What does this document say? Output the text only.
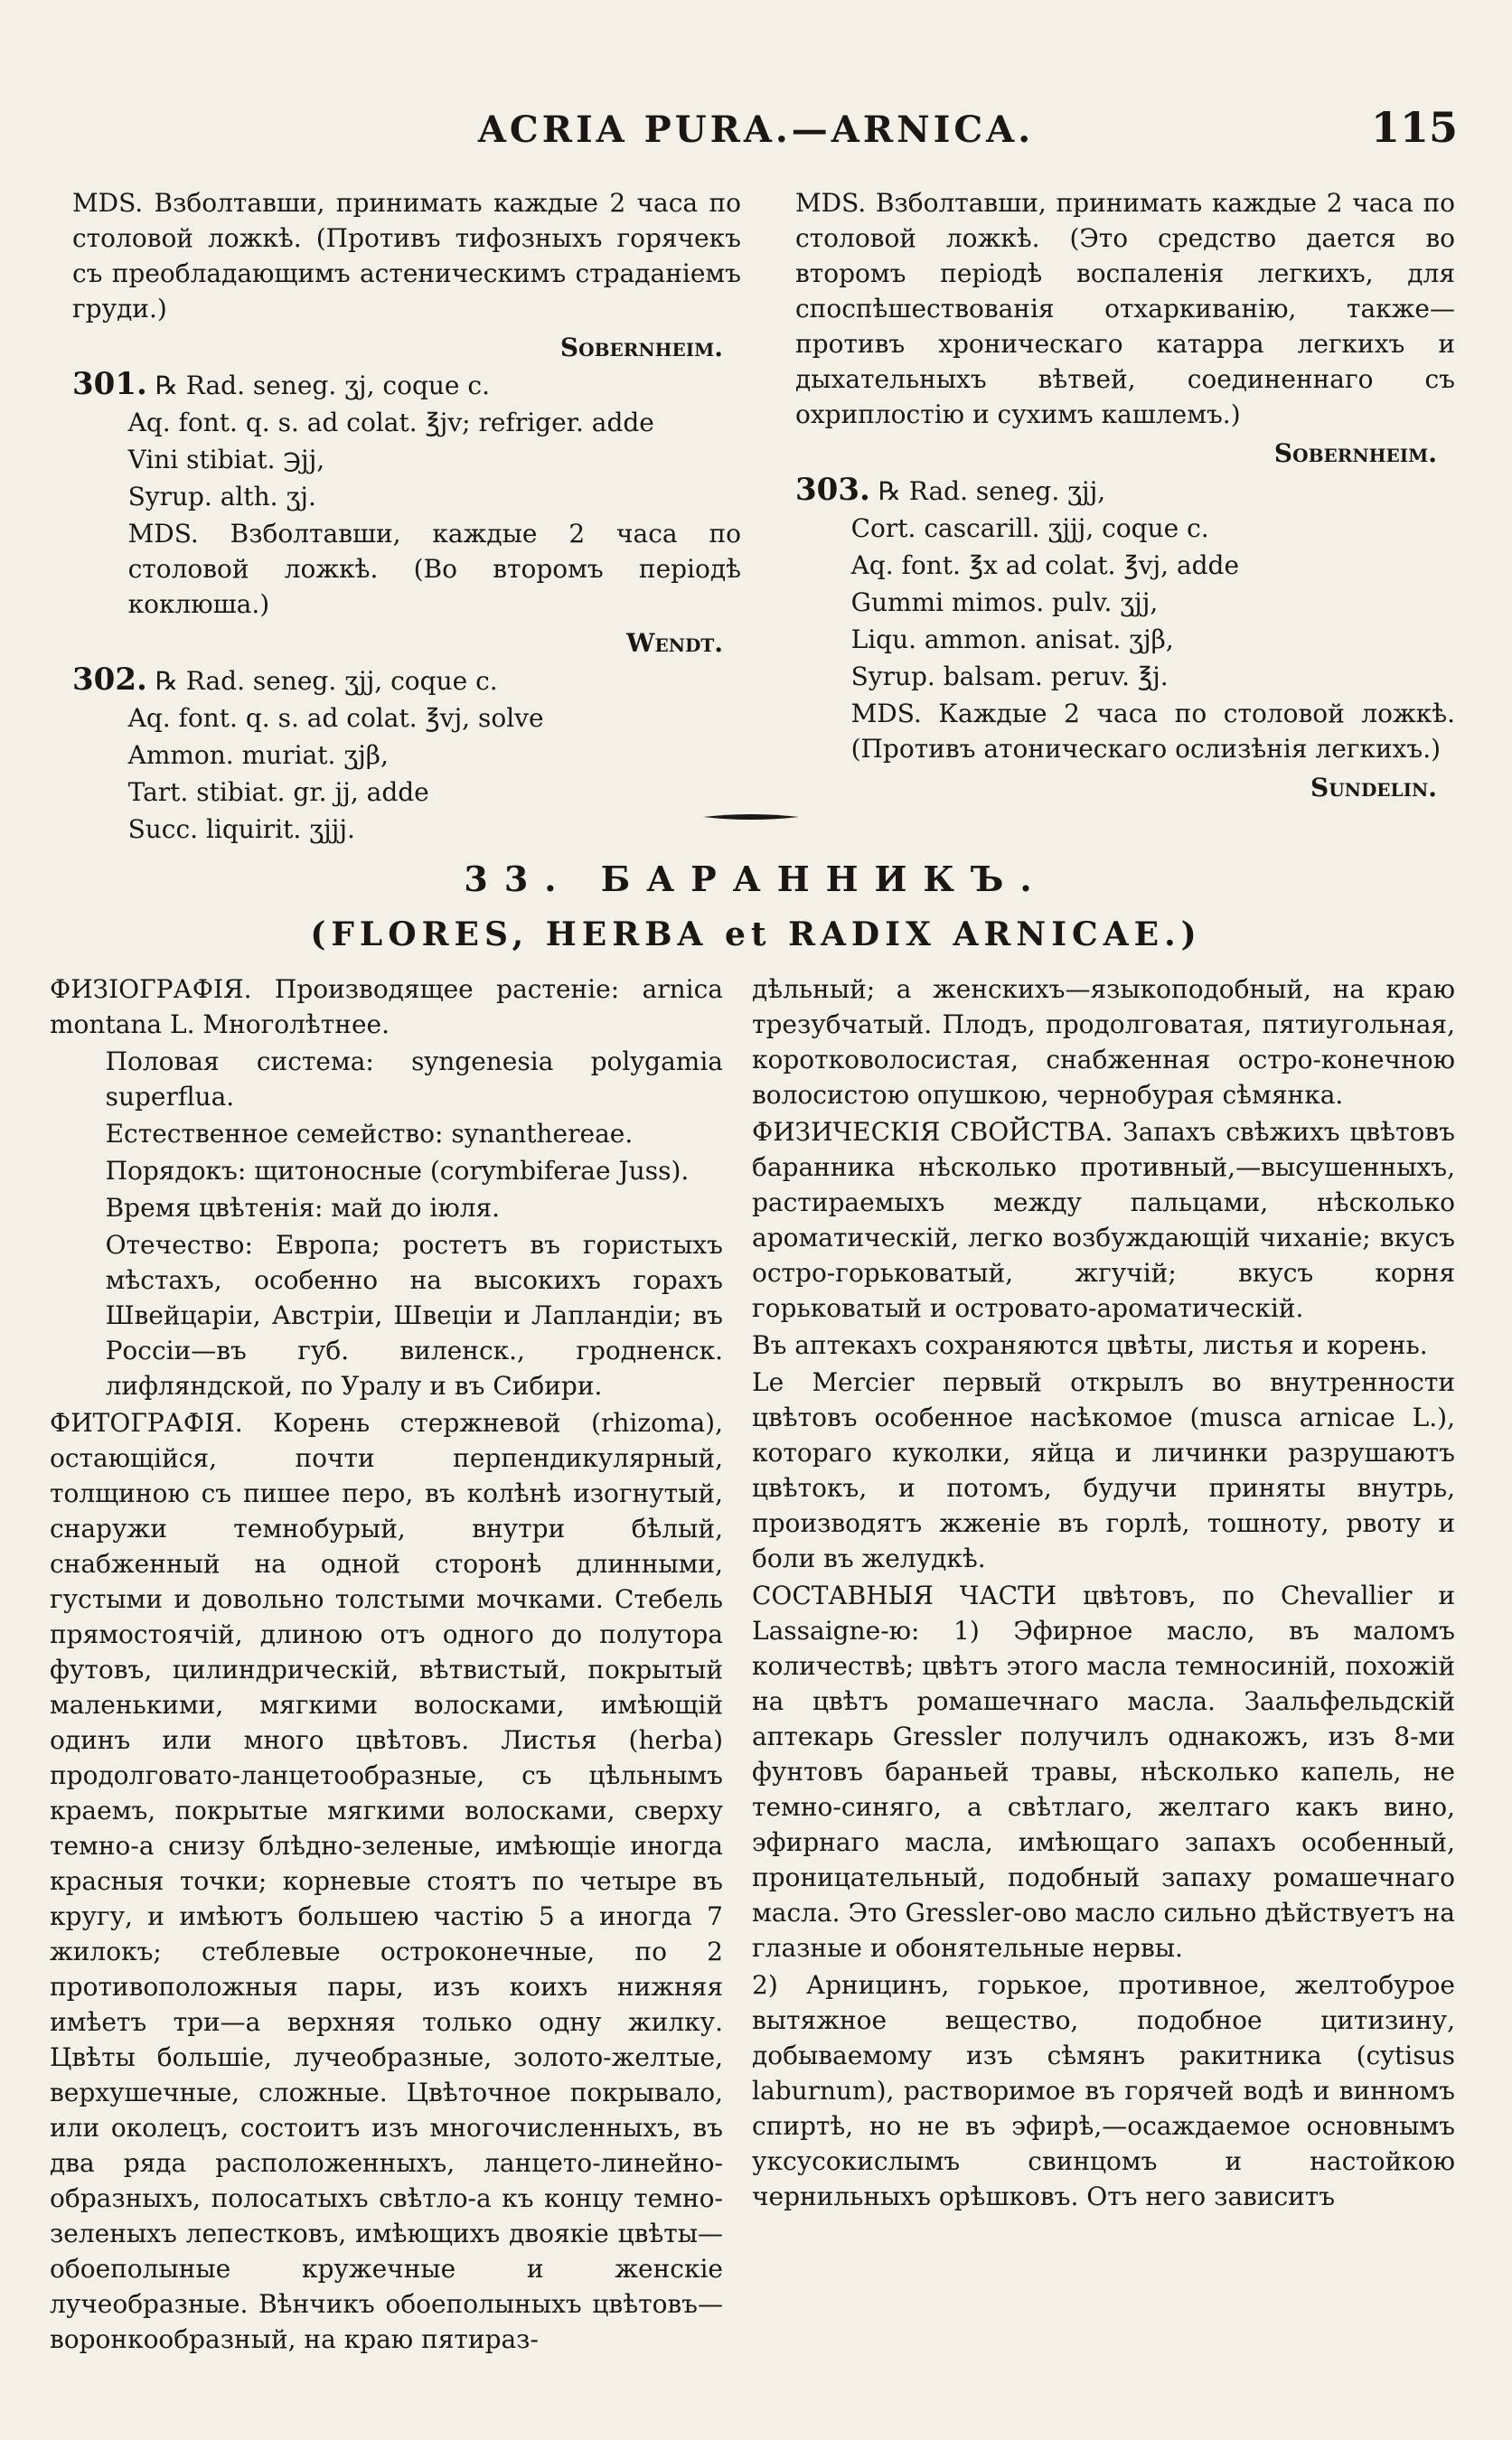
ACRIA PURA.—ARNICA.	115

MDS. Взболтавши, принимать каждые 2 часа по столовой ложкѣ. (Противъ тифозныхъ горячекъ съ преобладающимъ астеническимъ страданіемъ груди.)

Sobernheim.

301. ℞ Rad. seneg. ʒj, coque c.

Aq. font. q. s. ad colat. ℥jv; refriger. adde

Vini stibiat. ℈jj,

Syrup. alth. ʒj.

MDS. Взболтавши, каждые 2 часа по столовой ложкѣ. (Во второмъ періодѣ коклюша.)

Wendt.

302. ℞ Rad. seneg. ʒjj, coque c.

Aq. font. q. s. ad colat. ℥vj, solve

Ammon. muriat. ʒjβ,

Tart. stibiat. gr. jj, adde

Succ. liquirit. ʒjjj.

MDS. Взболтавши, принимать каждые 2 часа по столовой ложкѣ. (Это средство дается во второмъ періодѣ воспаленія легкихъ, для споспѣшествованія отхаркиванію, также—противъ хроническаго катарра легкихъ и дыхательныхъ вѣтвей, соединеннаго съ охриплостію и сухимъ кашлемъ.)

Sobernheim.

303. ℞ Rad. seneg. ʒjj,

Cort. cascarill. ʒjjj, coque c.

Aq. font. ℥x ad colat. ℥vj, adde

Gummi mimos. pulv. ʒjj,

Liqu. ammon. anisat. ʒjβ,

Syrup. balsam. peruv. ℥j.

MDS. Каждые 2 часа по столовой ложкѣ. (Противъ атоническаго ослизѣнія легкихъ.)

Sundelin.
33. БАРАННИКЪ.
(FLORES, HERBA et RADIX ARNICAE.)

ФИЗІОГРАФІЯ. Производящее растеніе: arnica montana L. Многолѣтнее.

Половая система: syngenesia polygamia superflua.

Естественное семейство: synanthereae.

Порядокъ: щитоносные (corymbiferae Juss).

Время цвѣтенія: май до іюля.

Отечество: Европа; ростетъ въ гористыхъ мѣстахъ, особенно на высокихъ горахъ Швейцаріи, Австріи, Швеціи и Лапландіи; въ Россіи—въ губ. виленск., гродненск. лифляндской, по Уралу и въ Сибири.

ФИТОГРАФІЯ. Корень стержневой (rhizoma), остающійся, почти перпендикулярный, толщиною съ пишее перо, въ колѣнѣ изогнутый, снаружи темнобурый, внутри бѣлый, снабженный на одной сторонѣ длинными, густыми и довольно толстыми мочками. Стебель прямостоячій, длиною отъ одного до полутора футовъ, цилиндрическій, вѣтвистый, покрытый маленькими, мягкими волосками, имѣющій одинъ или много цвѣтовъ. Листья (herba) продолговато-ланцетообразные, съ цѣльнымъ краемъ, покрытые мягкими волосками, сверху темно-а снизу блѣдно-зеленые, имѣющіе иногда красныя точки; корневые стоятъ по четыре въ кругу, и имѣютъ большею частію 5 а иногда 7 жилокъ; стеблевые остроконечные, по 2 противоположныя пары, изъ коихъ нижняя имѣетъ три—а верхняя только одну жилку. Цвѣты большіе, лучеобразные, золото-желтые, верхушечные, сложные. Цвѣточное покрывало, или околецъ, состоитъ изъ многочисленныхъ, въ два ряда расположенныхъ, ланцето-линейно-образныхъ, полосатыхъ свѣтло-а къ концу темно-зеленыхъ лепестковъ, имѣющихъ двоякіе цвѣты—обоеполыные кружечные и женскіе лучеобразные. Вѣнчикъ обоеполыныхъ цвѣтовъ—воронкообразный, на краю пятираз-

дѣльный; а женскихъ—языкоподобный, на краю трезубчатый. Плодъ, продолговатая, пятиугольная, коротковолосистая, снабженная остро-конечною волосистою опушкою, чернобурая сѣмянка.

ФИЗИЧЕСКІЯ СВОЙСТВА. Запахъ свѣжихъ цвѣтовъ баранника нѣсколько противный,—высушенныхъ, растираемыхъ между пальцами, нѣсколько ароматическій, легко возбуждающій чиханіе; вкусъ остро-горьковатый, жгучій; вкусъ корня горьковатый и островато-ароматическій.

Въ аптекахъ сохраняются цвѣты, листья и корень.

Le Mercier первый открылъ во внутренности цвѣтовъ особенное насѣкомое (musca arnicae L.), котораго куколки, яйца и личинки разрушаютъ цвѣтокъ, и потомъ, будучи приняты внутрь, производятъ жженіе въ горлѣ, тошноту, рвоту и боли въ желудкѣ.

СОСТАВНЫЯ ЧАСТИ цвѣтовъ, по Chevallier и Lassaigne-ю: 1) Эфирное масло, въ маломъ количествѣ; цвѣтъ этого масла темносиній, похожій на цвѣтъ ромашечнаго масла. Заальфельдскій аптекарь Gressler получилъ однакожъ, изъ 8-ми фунтовъ бараньей травы, нѣсколько капель, не темно-синяго, а свѣтлаго, желтаго какъ вино, эфирнаго масла, имѣющаго запахъ особенный, проницательный, подобный запаху ромашечнаго масла. Это Gressler-ово масло сильно дѣйствуетъ на глазные и обонятельные нервы.

2) Арницинъ, горькое, противное, желтобурое вытяжное вещество, подобное цитизину, добываемому изъ сѣмянъ ракитника (cytisus laburnum), растворимое въ горячей водѣ и винномъ спиртѣ, но не въ эфирѣ,—осаждаемое основнымъ уксусокислымъ свинцомъ и настойкою чернильныхъ орѣшковъ. Отъ него зависитъ
